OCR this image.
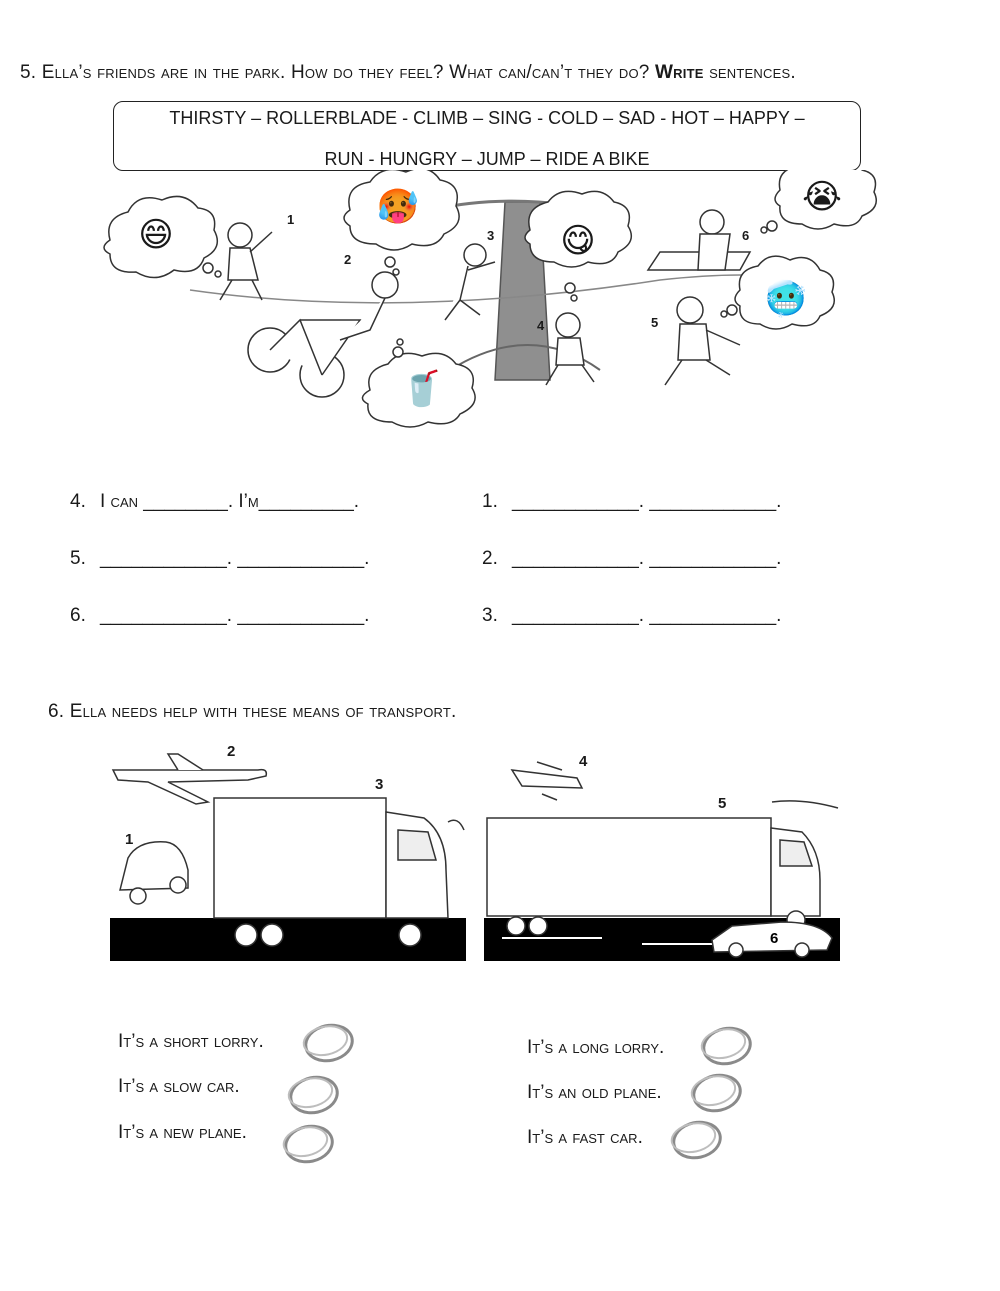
5. Ella’s friends are in the park. How do they feel? What can/can’t they do? Write sentences.
THIRSTY – ROLLERBLADE - CLIMB – SING - COLD – SAD - HOT – HAPPY –
RUN - HUNGRY – JUMP – RIDE A BIKE
😄
🥵
😋
😭
🥶
🥤
1
2
3
4	5
6
4. I can ________. I’m_________.
5. ____________. ____________.
6. ____________. ____________.
1. ____________. ____________.
2. ____________. ____________.
3. ____________. ____________.
6. Ella needs help with these means of transport.
1
2
3
4
5
6
It’s a short lorry.
It’s a slow car.
It’s a new plane.
It’s a long lorry.
It’s an old plane.
It’s a fast car.
